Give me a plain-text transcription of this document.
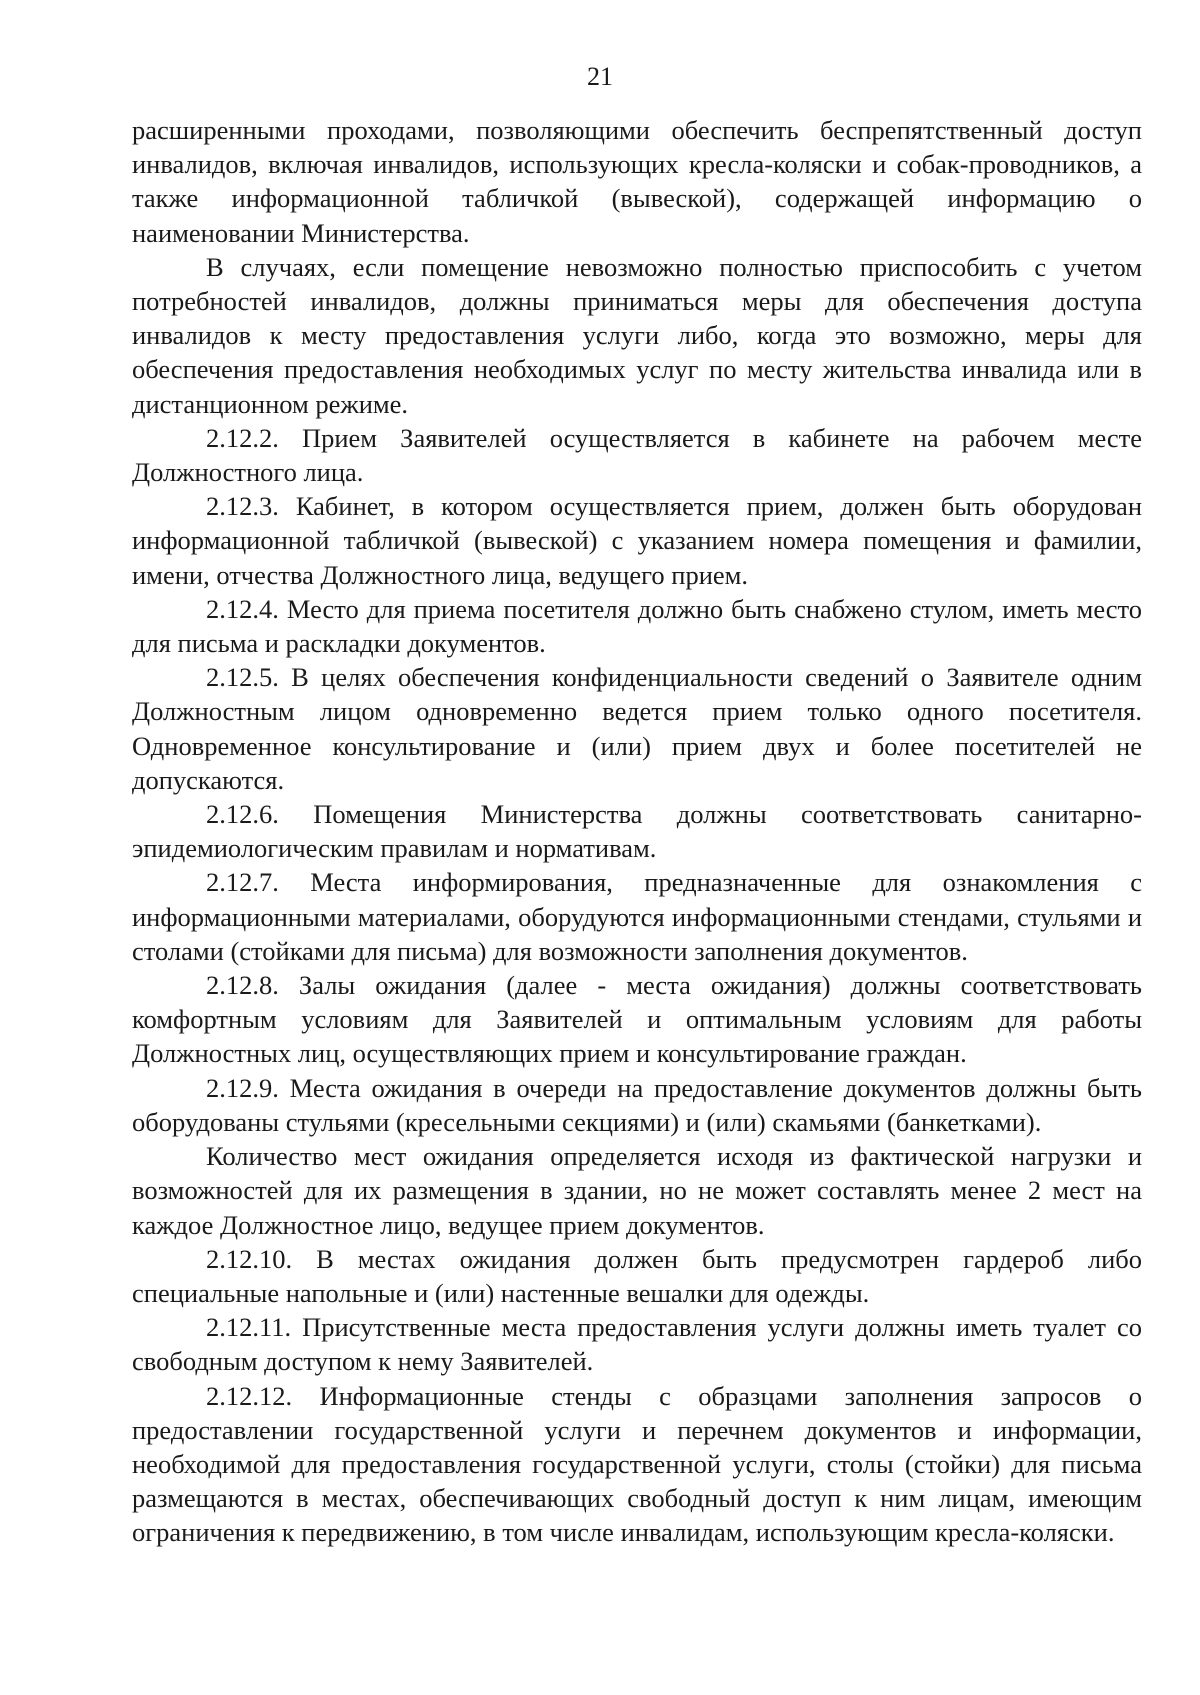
21

расширенными проходами, позволяющими обеспечить беспрепятственный доступ инвалидов, включая инвалидов, использующих кресла-коляски и собак-проводников, а также информационной табличкой (вывеской), содержащей информацию о наименовании Министерства.

В случаях, если помещение невозможно полностью приспособить с учетом потребностей инвалидов, должны приниматься меры для обеспечения доступа инвалидов к месту предоставления услуги либо, когда это возможно, меры для обеспечения предоставления необходимых услуг по месту жительства инвалида или в дистанционном режиме.

2.12.2. Прием Заявителей осуществляется в кабинете на рабочем месте Должностного лица.

2.12.3. Кабинет, в котором осуществляется прием, должен быть оборудован информационной табличкой (вывеской) с указанием номера помещения и фамилии, имени, отчества Должностного лица, ведущего прием.

2.12.4. Место для приема посетителя должно быть снабжено стулом, иметь место для письма и раскладки документов.

2.12.5. В целях обеспечения конфиденциальности сведений о Заявителе одним Должностным лицом одновременно ведется прием только одного посетителя. Одновременное консультирование и (или) прием двух и более посетителей не допускаются.

2.12.6. Помещения Министерства должны соответствовать санитарно-эпидемиологическим правилам и нормативам.

2.12.7. Места информирования, предназначенные для ознакомления с информационными материалами, оборудуются информационными стендами, стульями и столами (стойками для письма) для возможности заполнения документов.

2.12.8. Залы ожидания (далее - места ожидания) должны соответствовать комфортным условиям для Заявителей и оптимальным условиям для работы Должностных лиц, осуществляющих прием и консультирование граждан.

2.12.9. Места ожидания в очереди на предоставление документов должны быть оборудованы стульями (кресельными секциями) и (или) скамьями (банкетками).

Количество мест ожидания определяется исходя из фактической нагрузки и возможностей для их размещения в здании, но не может составлять менее 2 мест на каждое Должностное лицо, ведущее прием документов.

2.12.10. В местах ожидания должен быть предусмотрен гардероб либо специальные напольные и (или) настенные вешалки для одежды.

2.12.11. Присутственные места предоставления услуги должны иметь туалет со свободным доступом к нему Заявителей.

2.12.12. Информационные стенды с образцами заполнения запросов о предоставлении государственной услуги и перечнем документов и информации, необходимой для предоставления государственной услуги, столы (стойки) для письма размещаются в местах, обеспечивающих свободный доступ к ним лицам, имеющим ограничения к передвижению, в том числе инвалидам, использующим кресла-коляски.
